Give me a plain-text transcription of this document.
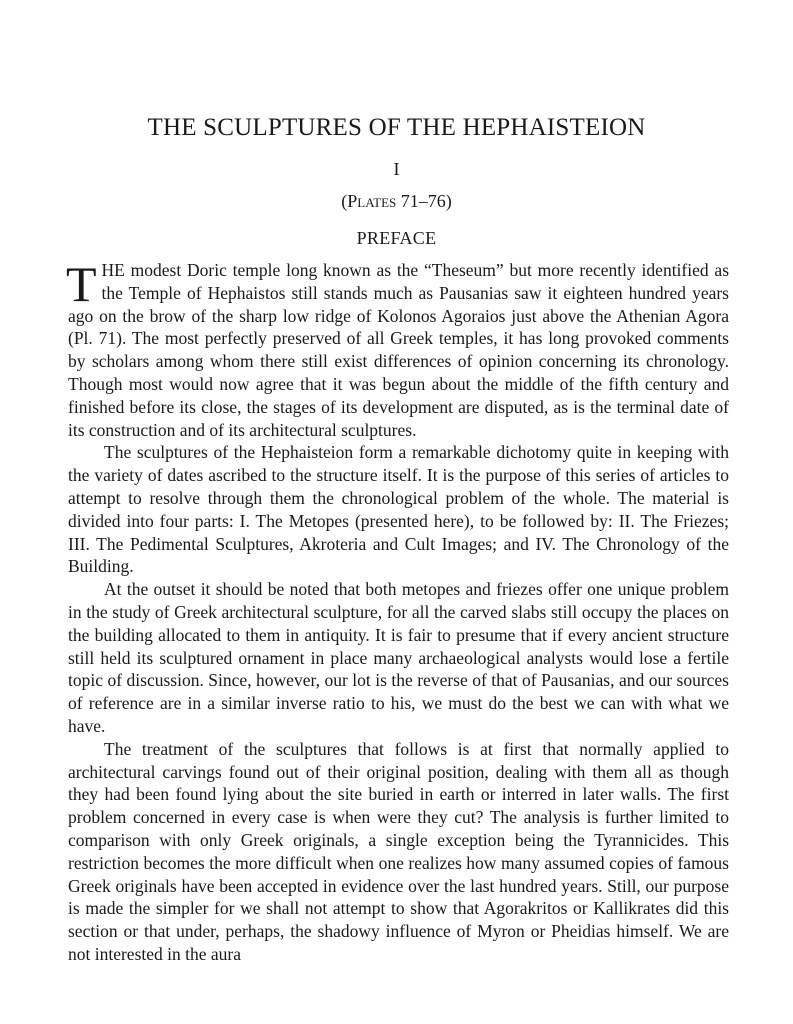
THE SCULPTURES OF THE HEPHAISTEION
I
(Plates 71–76)
PREFACE

THE modest Doric temple long known as the “Theseum” but more recently identified as the Temple of Hephaistos still stands much as Pausanias saw it eighteen hundred years ago on the brow of the sharp low ridge of Kolonos Agoraios just above the Athenian Agora (Pl. 71). The most perfectly preserved of all Greek temples, it has long provoked comments by scholars among whom there still exist differences of opinion concerning its chronology. Though most would now agree that it was begun about the middle of the fifth century and finished before its close, the stages of its development are disputed, as is the terminal date of its construction and of its architectural sculptures.

The sculptures of the Hephaisteion form a remarkable dichotomy quite in keeping with the variety of dates ascribed to the structure itself. It is the purpose of this series of articles to attempt to resolve through them the chronological problem of the whole. The material is divided into four parts: I. The Metopes (presented here), to be followed by: II. The Friezes; III. The Pedimental Sculptures, Akroteria and Cult Images; and IV. The Chronology of the Building.

At the outset it should be noted that both metopes and friezes offer one unique problem in the study of Greek architectural sculpture, for all the carved slabs still occupy the places on the building allocated to them in antiquity. It is fair to presume that if every ancient structure still held its sculptured ornament in place many archaeological analysts would lose a fertile topic of discussion. Since, however, our lot is the reverse of that of Pausanias, and our sources of reference are in a similar inverse ratio to his, we must do the best we can with what we have.

The treatment of the sculptures that follows is at first that normally applied to architectural carvings found out of their original position, dealing with them all as though they had been found lying about the site buried in earth or interred in later walls. The first problem concerned in every case is when were they cut? The analysis is further limited to comparison with only Greek originals, a single exception being the Tyrannicides. This restriction becomes the more difficult when one realizes how many assumed copies of famous Greek originals have been accepted in evidence over the last hundred years. Still, our purpose is made the simpler for we shall not attempt to show that Agorakritos or Kallikrates did this section or that under, perhaps, the shadowy influence of Myron or Pheidias himself. We are not interested in the aura
